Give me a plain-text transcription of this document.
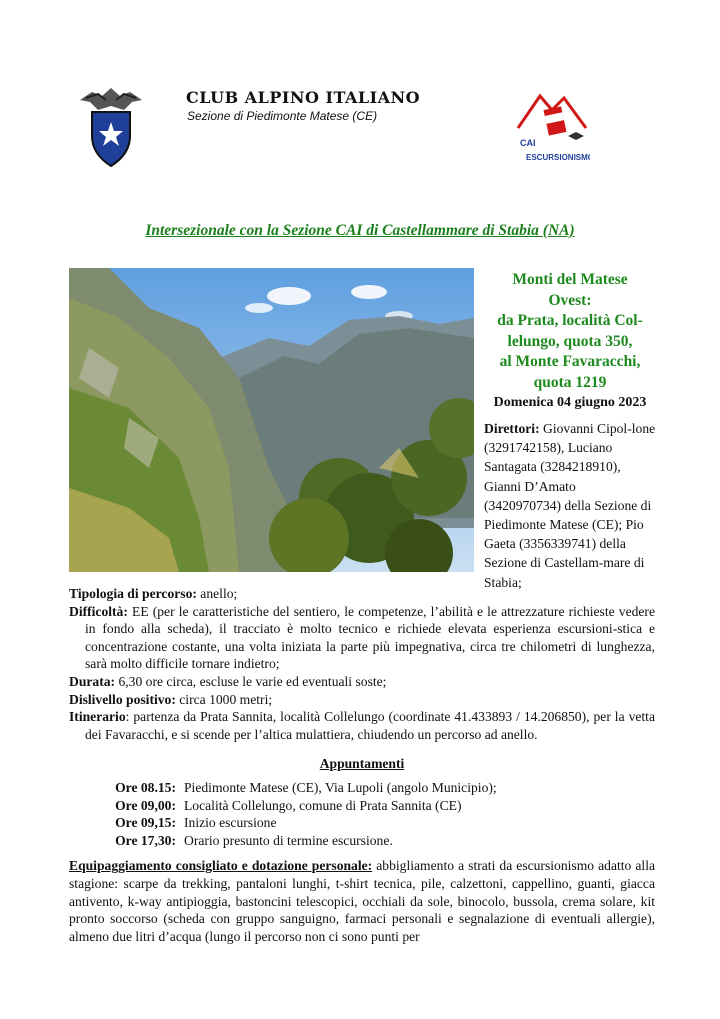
CLUB ALPINO ITALIANO
Sezione di Piedimonte Matese (CE)
CAI
ESCURSIONISMO
Intersezionale con la Sezione CAI di Castellammare di Stabia (NA)
Monti del Matese
Ovest:
da Prata, località Col-
lelungo, quota 350,
al Monte Favaracchi,
quota 1219
Domenica 04 giugno 2023
Direttori: Giovanni Cipol-lone (3291742158), Luciano Santagata (3284218910), Gianni D’Amato (3420970734) della Sezione di Piedimonte Matese (CE); Pio Gaeta (3356339741) della Sezione di Castellam-mare di Stabia;

Tipologia di percorso: anello;

Difficoltà: EE (per le caratteristiche del sentiero, le competenze, l’abilità e le attrezzature richieste vedere in fondo alla scheda), il tracciato è molto tecnico e richiede elevata esperienza escursioni-stica e concentrazione costante, una volta iniziata la parte più impegnativa, circa tre chilometri di lunghezza, sarà molto difficile tornare indietro;

Durata: 6,30 ore circa, escluse le varie ed eventuali soste;

Dislivello positivo: circa 1000 metri;

Itinerario: partenza da Prata Sannita, località Collelungo (coordinate 41.433893 / 14.206850), per la vetta dei Favaracchi, e si scende per l’altica mulattiera, chiudendo un percorso ad anello.

Appuntamenti
Ore 08.15: Piedimonte Matese (CE), Via Lupoli (angolo Municipio);
Ore 09,00: Località Collelungo, comune di Prata Sannita (CE)
Ore 09,15: Inizio escursione
Ore 17,30: Orario presunto di termine escursione.

Equipaggiamento consigliato e dotazione personale: abbigliamento a strati da escursionismo adatto alla stagione: scarpe da trekking, pantaloni lunghi, t-shirt tecnica, pile, calzettoni, cappellino, guanti, giacca antivento, k-way antipioggia, bastoncini telescopici, occhiali da sole, binocolo, bussola, crema solare, kit pronto soccorso (scheda con gruppo sanguigno, farmaci personali e segnalazione di eventuali allergie), almeno due litri d’acqua (lungo il percorso non ci sono punti per
